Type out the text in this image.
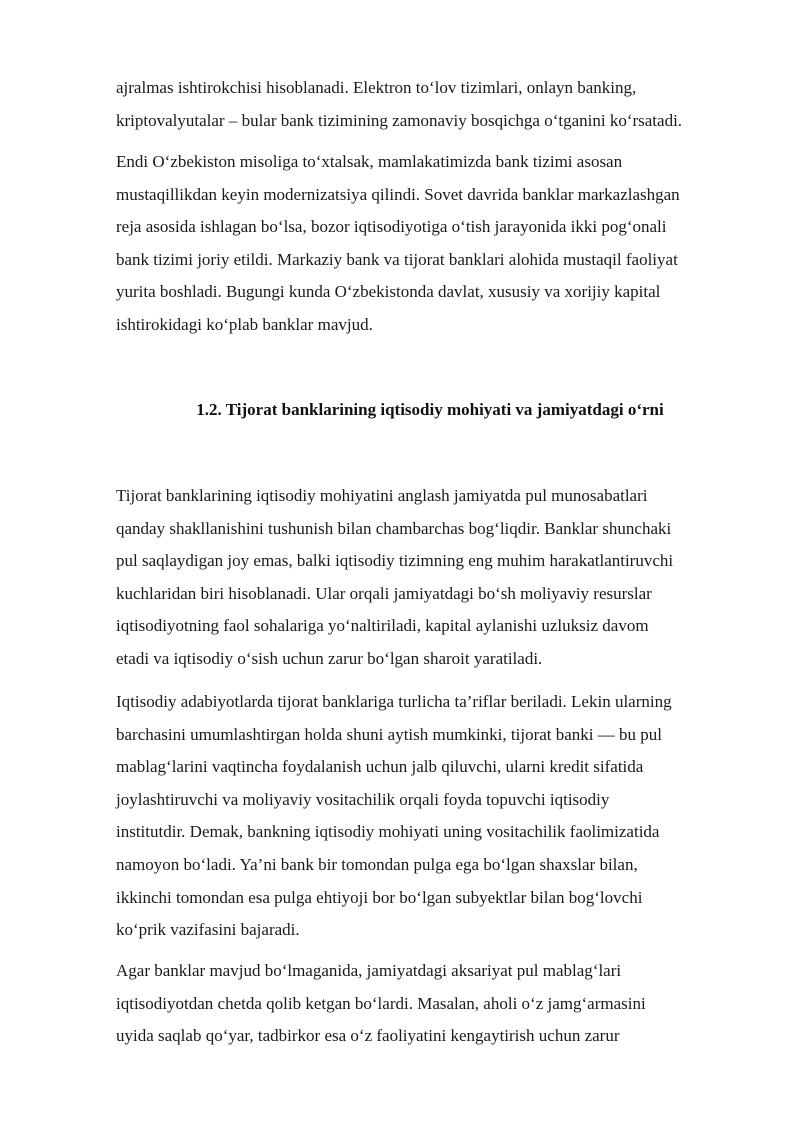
ajralmas ishtirokchisi hisoblanadi. Elektron to‘lov tizimlari, onlayn banking,
kriptovalyutalar – bular bank tizimining zamonaviy bosqichga o‘tganini ko‘rsatadi.

Endi O‘zbekiston misoliga to‘xtalsak, mamlakatimizda bank tizimi asosan
mustaqillikdan keyin modernizatsiya qilindi. Sovet davrida banklar markazlashgan
reja asosida ishlagan bo‘lsa, bozor iqtisodiyotiga o‘tish jarayonida ikki pog‘onali
bank tizimi joriy etildi. Markaziy bank va tijorat banklari alohida mustaqil faoliyat
yurita boshladi. Bugungi kunda O‘zbekistonda davlat, xususiy va xorijiy kapital
ishtirokidagi ko‘plab banklar mavjud.

1.2. Tijorat banklarining iqtisodiy mohiyati va jamiyatdagi o‘rni

Tijorat banklarining iqtisodiy mohiyatini anglash jamiyatda pul munosabatlari
qanday shakllanishini tushunish bilan chambarchas bog‘liqdir. Banklar shunchaki
pul saqlaydigan joy emas, balki iqtisodiy tizimning eng muhim harakatlantiruvchi
kuchlaridan biri hisoblanadi. Ular orqali jamiyatdagi bo‘sh moliyaviy resurslar
iqtisodiyotning faol sohalariga yo‘naltiriladi, kapital aylanishi uzluksiz davom
etadi va iqtisodiy o‘sish uchun zarur bo‘lgan sharoit yaratiladi.

Iqtisodiy adabiyotlarda tijorat banklariga turlicha ta’riflar beriladi. Lekin ularning
barchasini umumlashtirgan holda shuni aytish mumkinki, tijorat banki — bu pul
mablag‘larini vaqtincha foydalanish uchun jalb qiluvchi, ularni kredit sifatida
joylashtiruvchi va moliyaviy vositachilik orqali foyda topuvchi iqtisodiy
institutdir. Demak, bankning iqtisodiy mohiyati uning vositachilik faolimizatida
namoyon bo‘ladi. Ya’ni bank bir tomondan pulga ega bo‘lgan shaxslar bilan,
ikkinchi tomondan esa pulga ehtiyoji bor bo‘lgan subyektlar bilan bog‘lovchi
ko‘prik vazifasini bajaradi.

Agar banklar mavjud bo‘lmaganida, jamiyatdagi aksariyat pul mablag‘lari
iqtisodiyotdan chetda qolib ketgan bo‘lardi. Masalan, aholi o‘z jamg‘armasini
uyida saqlab qo‘yar, tadbirkor esa o‘z faoliyatini kengaytirish uchun zarur
